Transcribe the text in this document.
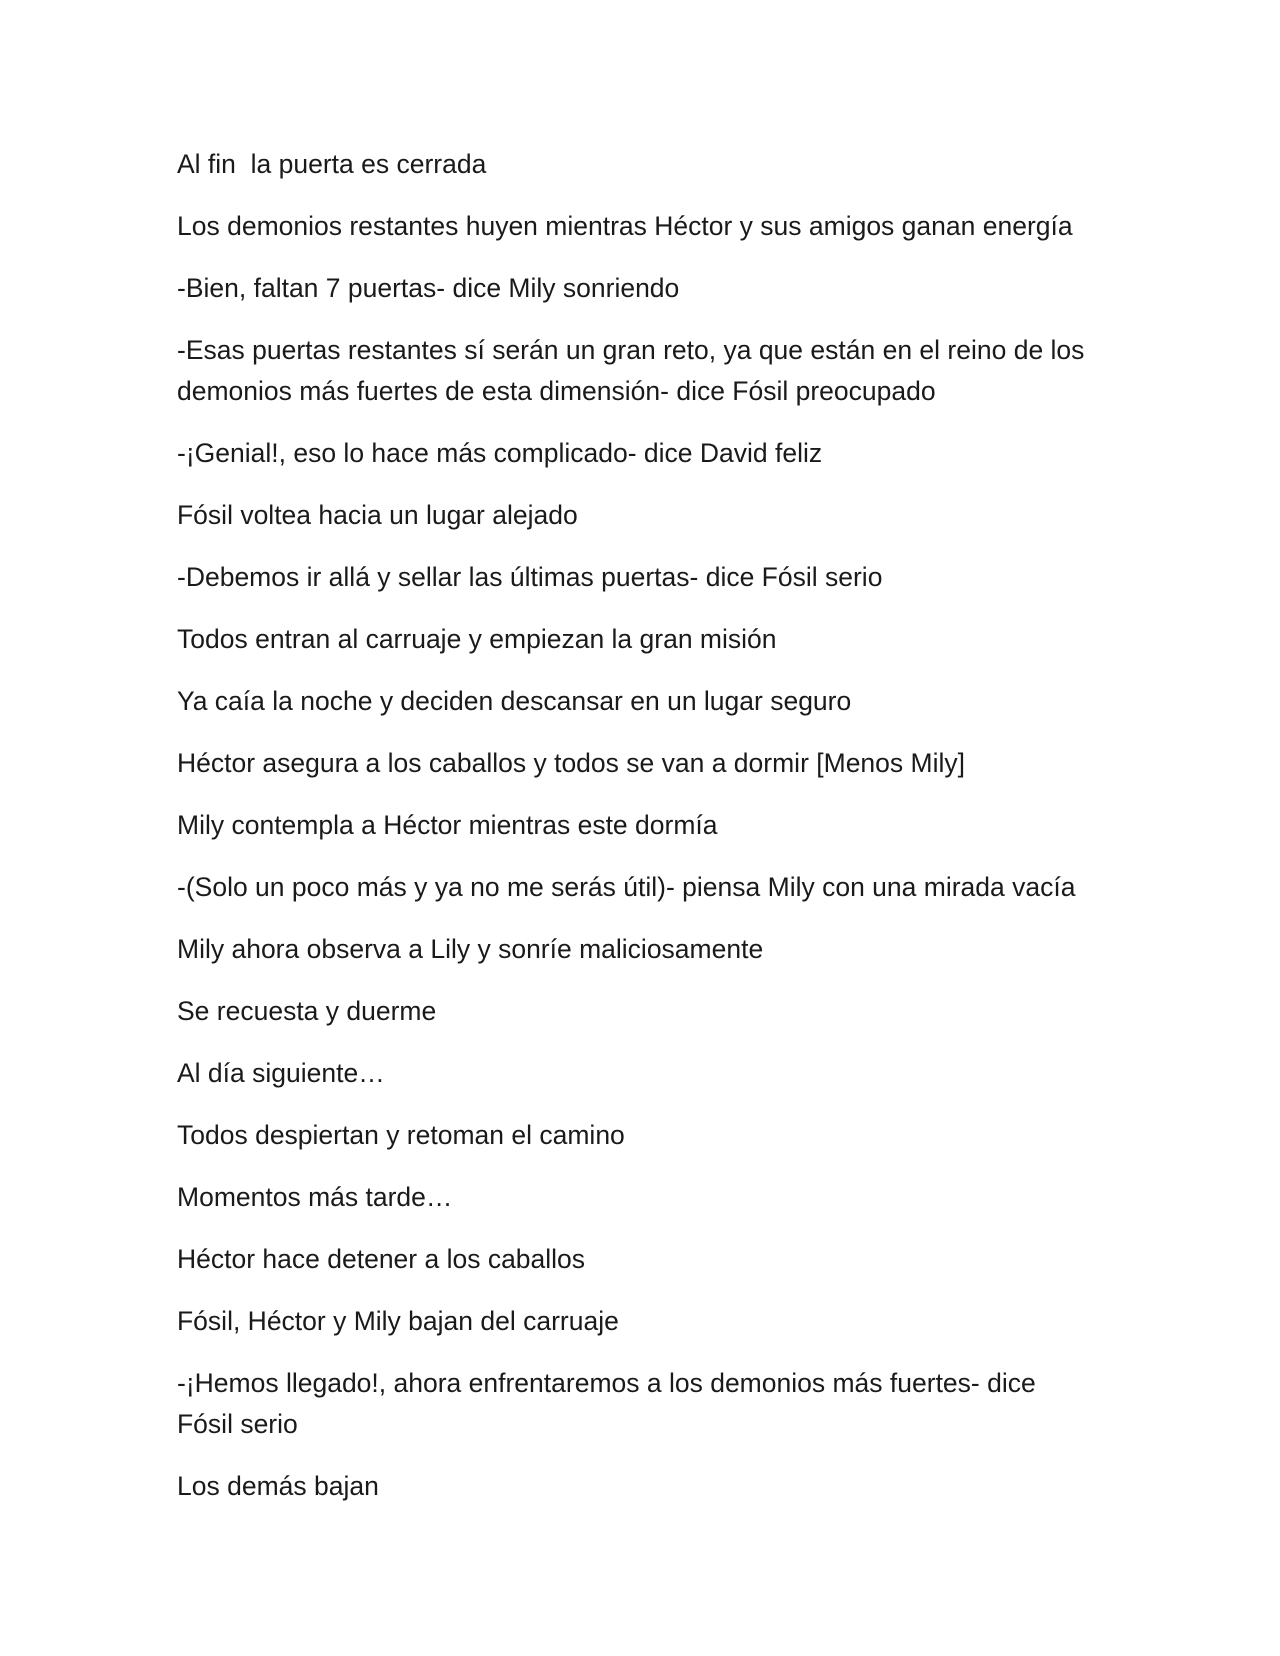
Al fin  la puerta es cerrada

Los demonios restantes huyen mientras Héctor y sus amigos ganan energía

-Bien, faltan 7 puertas- dice Mily sonriendo

-Esas puertas restantes sí serán un gran reto, ya que están en el reino de los demonios más fuertes de esta dimensión- dice Fósil preocupado

-¡Genial!, eso lo hace más complicado- dice David feliz

Fósil voltea hacia un lugar alejado

-Debemos ir allá y sellar las últimas puertas- dice Fósil serio

Todos entran al carruaje y empiezan la gran misión

Ya caía la noche y deciden descansar en un lugar seguro

Héctor asegura a los caballos y todos se van a dormir [Menos Mily]

Mily contempla a Héctor mientras este dormía

-(Solo un poco más y ya no me serás útil)- piensa Mily con una mirada vacía

Mily ahora observa a Lily y sonríe maliciosamente

Se recuesta y duerme

Al día siguiente…

Todos despiertan y retoman el camino

Momentos más tarde…

Héctor hace detener a los caballos

Fósil, Héctor y Mily bajan del carruaje

-¡Hemos llegado!, ahora enfrentaremos a los demonios más fuertes- dice Fósil serio

Los demás bajan
